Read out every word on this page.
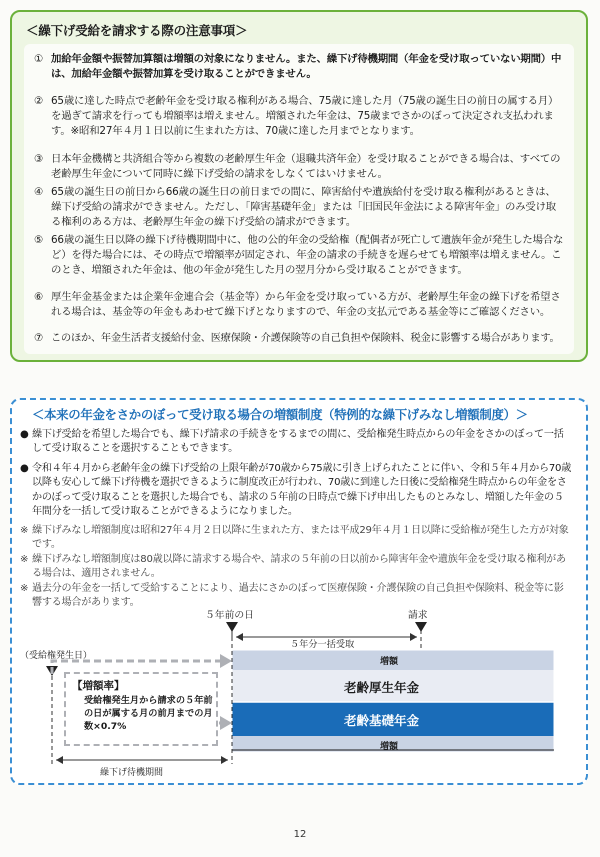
＜繰下げ受給を請求する際の注意事項＞
① 加給年金額や振替加算額は増額の対象になりません。また、繰下げ待機期間（年金を受け取っていない期間）中は、加給年金額や振替加算を受け取ることができません。
② 65歳に達した時点で老齢年金を受け取る権利がある場合、75歳に達した月（75歳の誕生日の前日の属する月）を過ぎて請求を行っても増額率は増えません。増額された年金は、75歳までさかのぼって決定され支払われます。※昭和27年４月１日以前に生まれた方は、70歳に達した月までとなります。
③ 日本年金機構と共済組合等から複数の老齢厚生年金（退職共済年金）を受け取ることができる場合は、すべての老齢厚生年金について同時に繰下げ受給の請求をしなくてはいけません。
④ 65歳の誕生日の前日から66歳の誕生日の前日までの間に、障害給付や遺族給付を受け取る権利があるときは、繰下げ受給の請求ができません。ただし、「障害基礎年金」または「旧国民年金法による障害年金」のみ受け取る権利のある方は、老齢厚生年金の繰下げ受給の請求ができます。
⑤ 66歳の誕生日以降の繰下げ待機期間中に、他の公的年金の受給権（配偶者が死亡して遺族年金が発生した場合など）を得た場合には、その時点で増額率が固定され、年金の請求の手続きを遅らせても増額率は増えません。このとき、増額された年金は、他の年金が発生した月の翌月分から受け取ることができます。
⑥ 厚生年金基金または企業年金連合会（基金等）から年金を受け取っている方が、老齢厚生年金の繰下げを希望される場合は、基金等の年金もあわせて繰下げとなりますので、年金の支払元である基金等にご確認ください。
⑦ このほか、年金生活者支援給付金、医療保険・介護保険等の自己負担や保険料、税金に影響する場合があります。
＜本来の年金をさかのぼって受け取る場合の増額制度（特例的な繰下げみなし増額制度）＞
● 繰下げ受給を希望した場合でも、繰下げ請求の手続きをするまでの間に、受給権発生時点からの年金をさかのぼって一括して受け取ることを選択することもできます。
● 令和４年４月から老齢年金の繰下げ受給の上限年齢が70歳から75歳に引き上げられたことに伴い、令和５年４月から70歳以降も安心して繰下げ待機を選択できるように制度改正が行われ、70歳に到達した日後に受給権発生時点からの年金をさかのぼって受け取ることを選択した場合でも、請求の５年前の日時点で繰下げ申出したものとみなし、増額した年金の５年間分を一括して受け取ることができるようになりました。
※ 繰下げみなし増額制度は昭和27年４月２日以降に生まれた方、または平成29年４月１日以降に受給権が発生した方が対象です。
※ 繰下げみなし増額制度は80歳以降に請求する場合や、請求の５年前の日以前から障害年金や遺族年金を受け取る権利がある場合は、適用されません。
※ 過去分の年金を一括して受給することにより、過去にさかのぼって医療保険・介護保険の自己負担や保険料、税金等に影響する場合があります。
【増額率】
受給権発生月から請求の５年前の日が属する月の前月までの月数×0.7%
５年前の日	請求
５年分一括受取
（受給権発生日）
増額
老齢厚生年金
老齢基礎年金
増額
繰下げ待機期間
12
